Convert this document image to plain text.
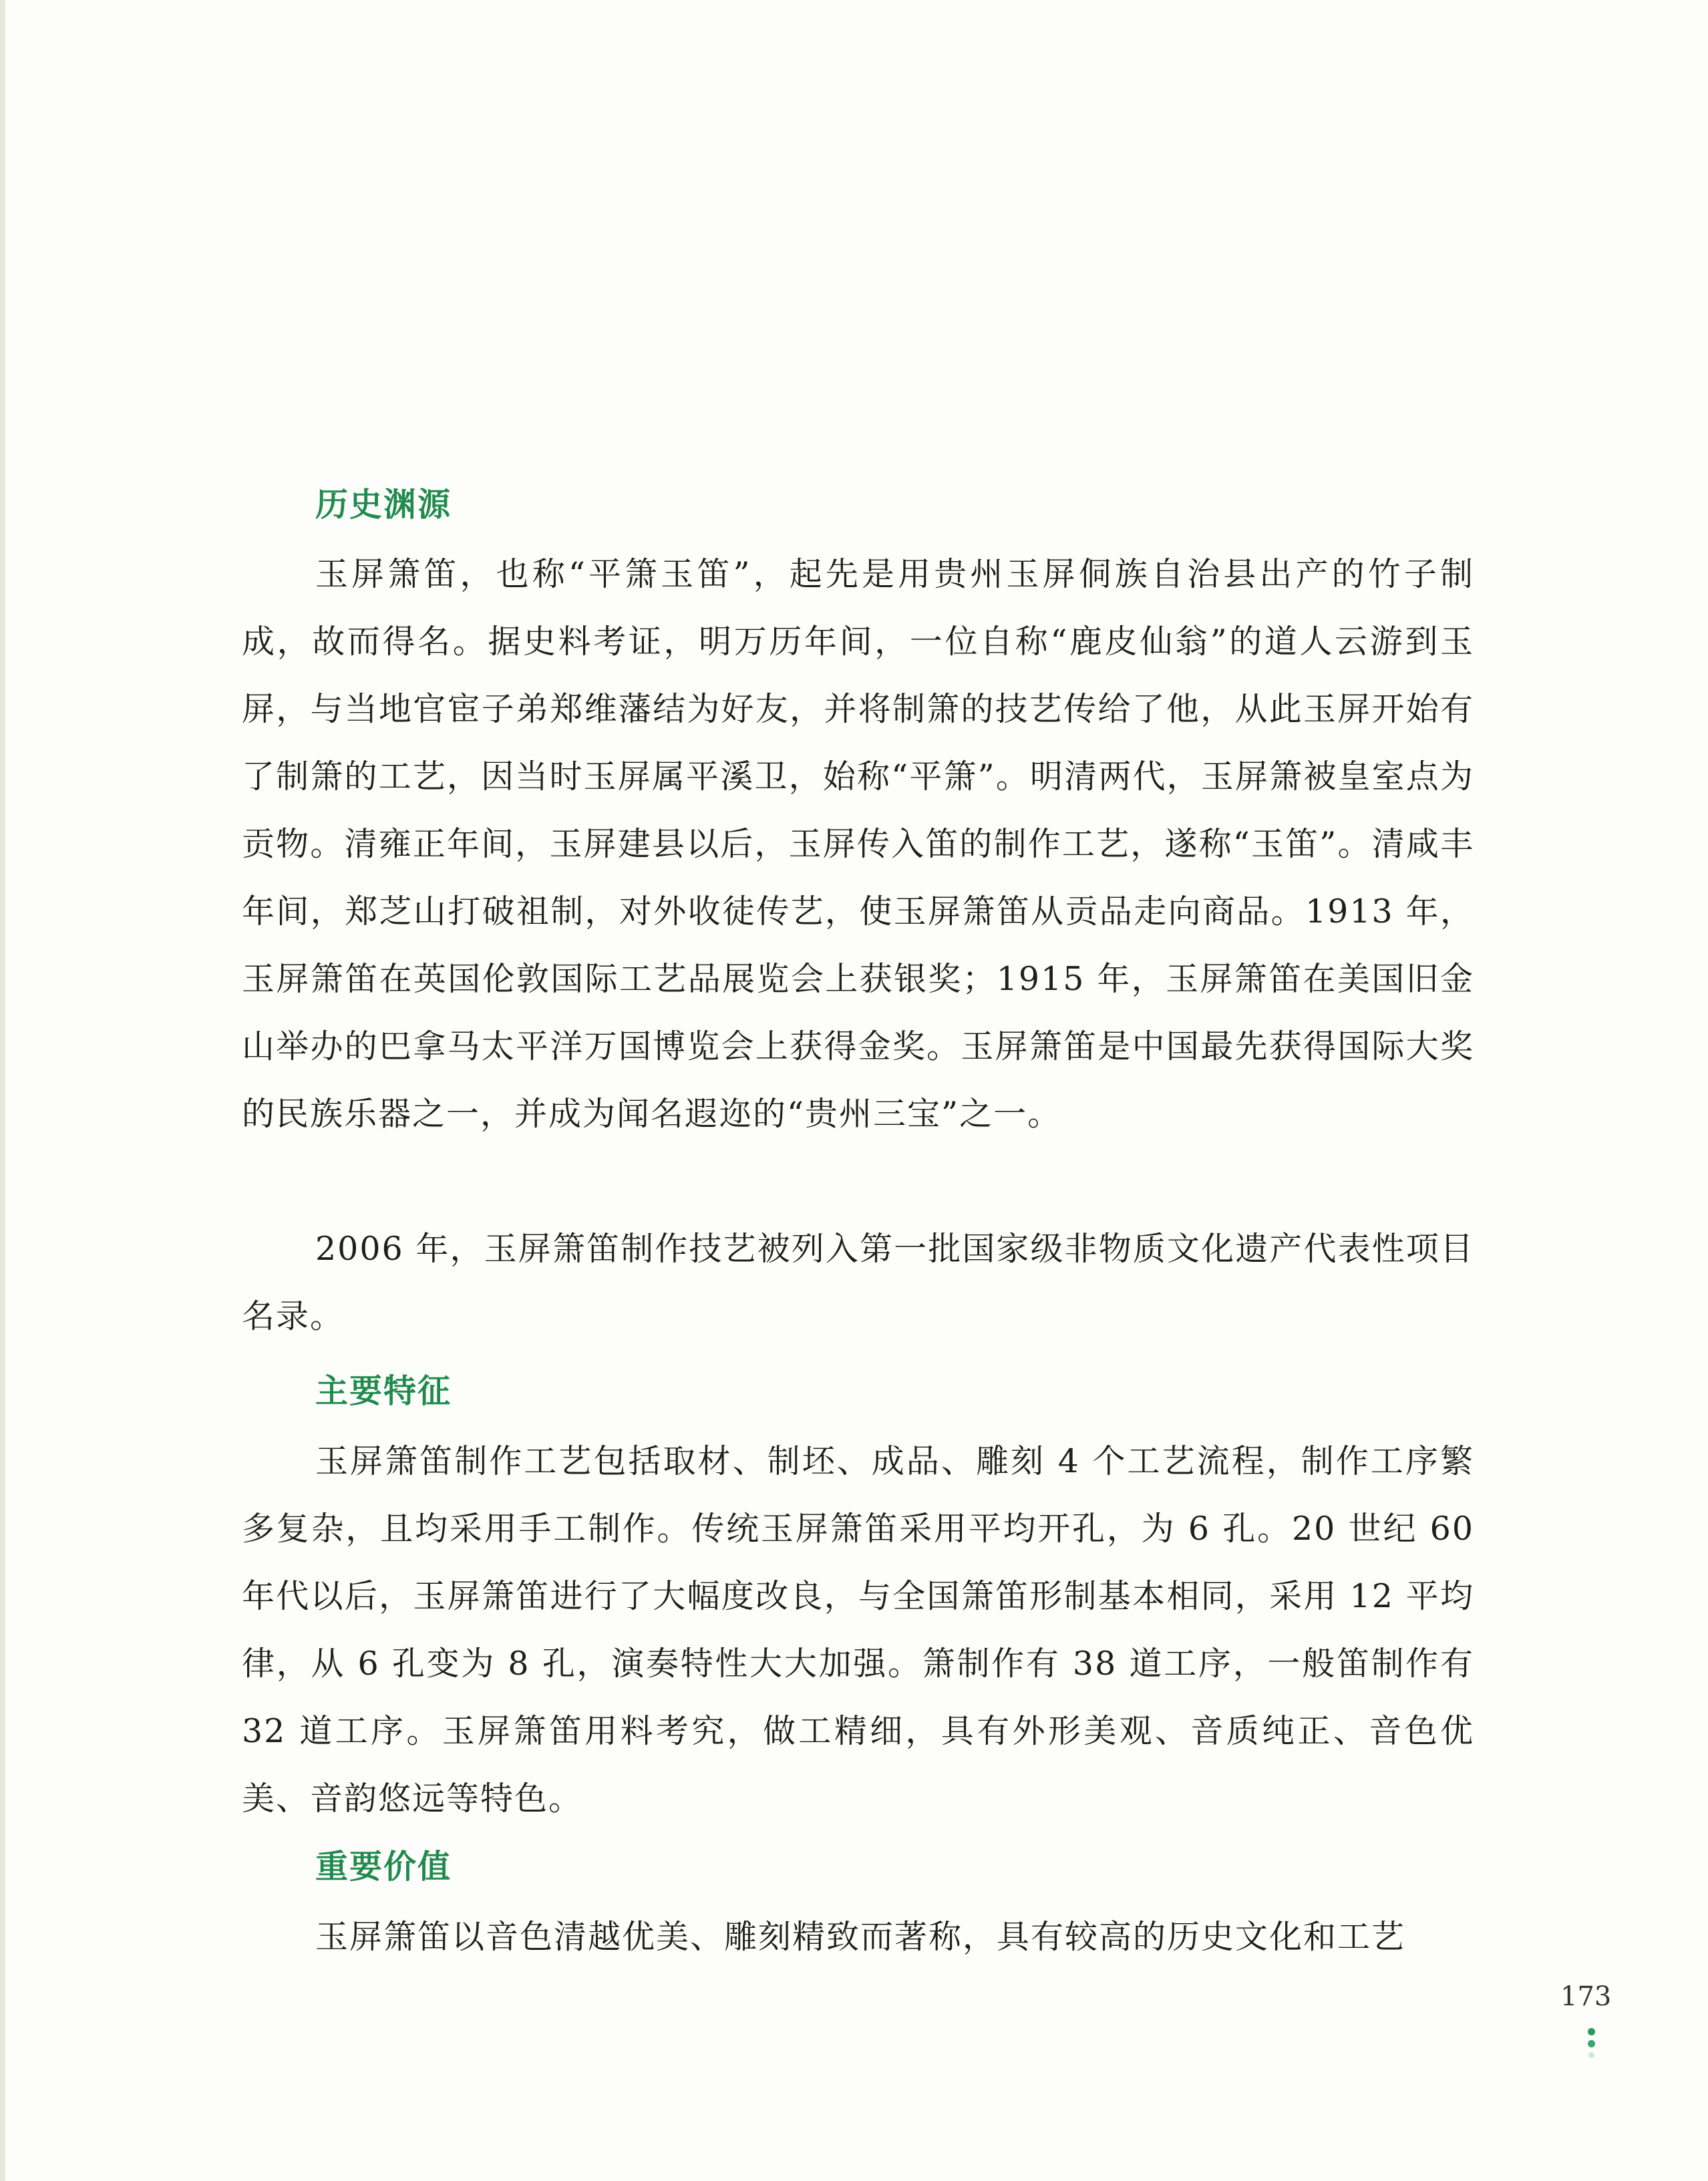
历史渊源

玉屏箫笛，也称“平箫玉笛”，起先是用贵州玉屏侗族自治县出产的竹子制成，故而得名。据史料考证，明万历年间，一位自称“鹿皮仙翁”的道人云游到玉屏，与当地官宦子弟郑维藩结为好友，并将制箫的技艺传给了他，从此玉屏开始有了制箫的工艺，因当时玉屏属平溪卫，始称“平箫”。明清两代，玉屏箫被皇室点为贡物。清雍正年间，玉屏建县以后，玉屏传入笛的制作工艺，遂称“玉笛”。清咸丰年间，郑芝山打破祖制，对外收徒传艺，使玉屏箫笛从贡品走向商品。1913 年，玉屏箫笛在英国伦敦国际工艺品展览会上获银奖；1915 年，玉屏箫笛在美国旧金山举办的巴拿马太平洋万国博览会上获得金奖。玉屏箫笛是中国最先获得国际大奖的民族乐器之一，并成为闻名遐迩的“贵州三宝”之一。

2006 年，玉屏箫笛制作技艺被列入第一批国家级非物质文化遗产代表性项目名录。

主要特征

玉屏箫笛制作工艺包括取材、制坯、成品、雕刻 4 个工艺流程，制作工序繁多复杂，且均采用手工制作。传统玉屏箫笛采用平均开孔，为 6 孔。20 世纪 60 年代以后，玉屏箫笛进行了大幅度改良，与全国箫笛形制基本相同，采用 12 平均律，从 6 孔变为 8 孔，演奏特性大大加强。箫制作有 38 道工序，一般笛制作有 32 道工序。玉屏箫笛用料考究，做工精细，具有外形美观、音质纯正、音色优美、音韵悠远等特色。

重要价值

玉屏箫笛以音色清越优美、雕刻精致而著称，具有较高的历史文化和工艺

173
